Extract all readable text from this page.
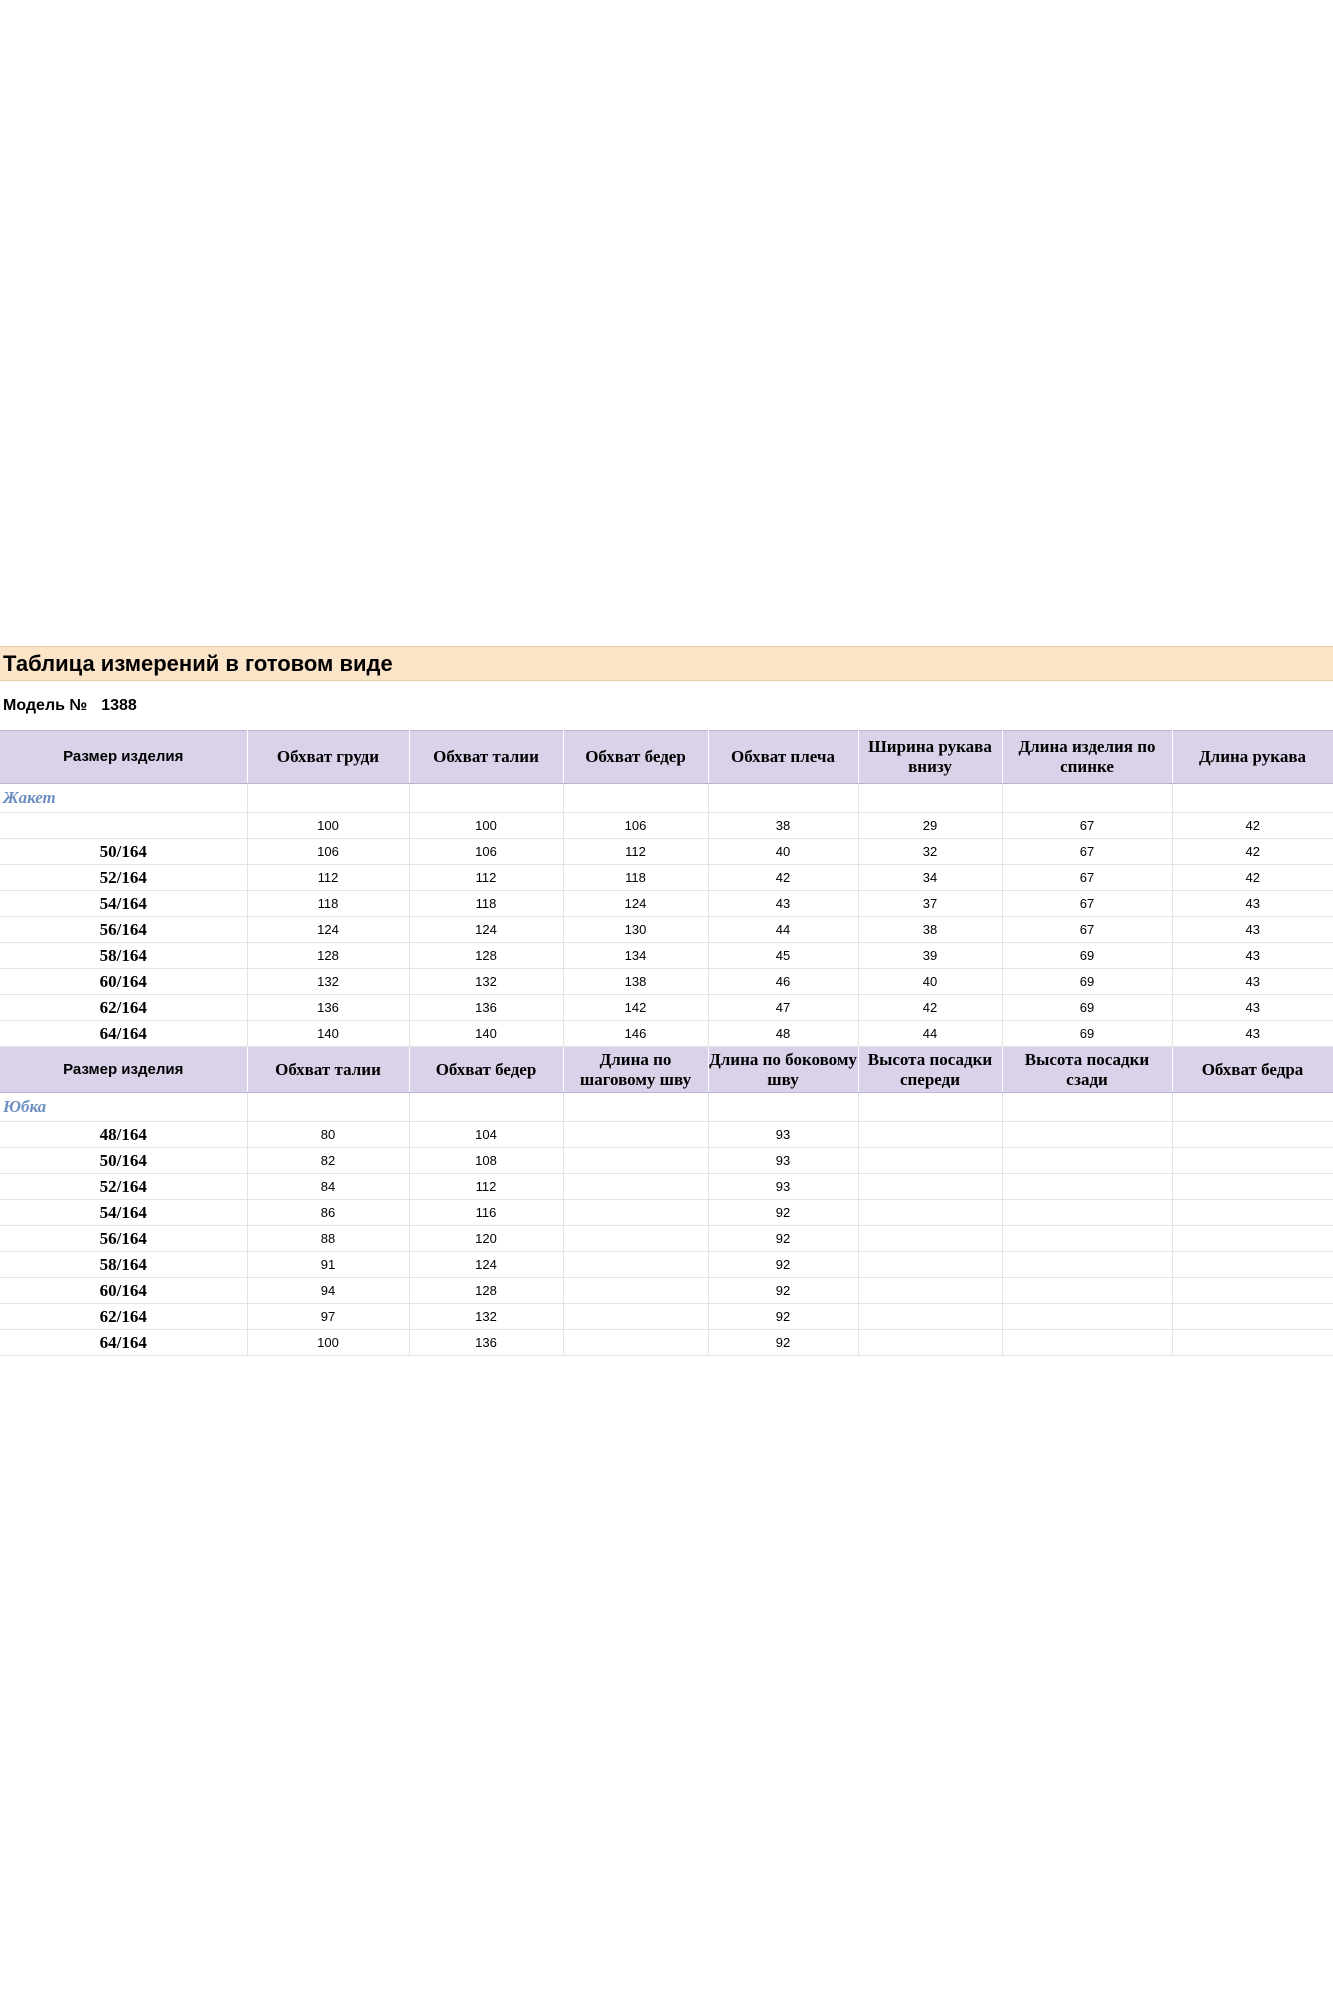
Таблица измерений в готовом виде
Модель № 1388
Размер изделия	Обхват груди	Обхват талии	Обхват бедер	Обхват плеча	Ширина рукава внизу	Длина изделия по спинке	Длина рукава
Жакет							
	100	100	106	38	29	67	42
50/164	106	106	112	40	32	67	42
52/164	112	112	118	42	34	67	42
54/164	118	118	124	43	37	67	43
56/164	124	124	130	44	38	67	43
58/164	128	128	134	45	39	69	43
60/164	132	132	138	46	40	69	43
62/164	136	136	142	47	42	69	43
64/164	140	140	146	48	44	69	43
Размер изделия	Обхват талии	Обхват бедер	Длина по шаговому шву	Длина по боковому шву	Высота посадки спереди	Высота посадки сзади	Обхват бедра
Юбка							
48/164	80	104		93			
50/164	82	108		93			
52/164	84	112		93			
54/164	86	116		92			
56/164	88	120		92			
58/164	91	124		92			
60/164	94	128		92			
62/164	97	132		92			
64/164	100	136		92			
